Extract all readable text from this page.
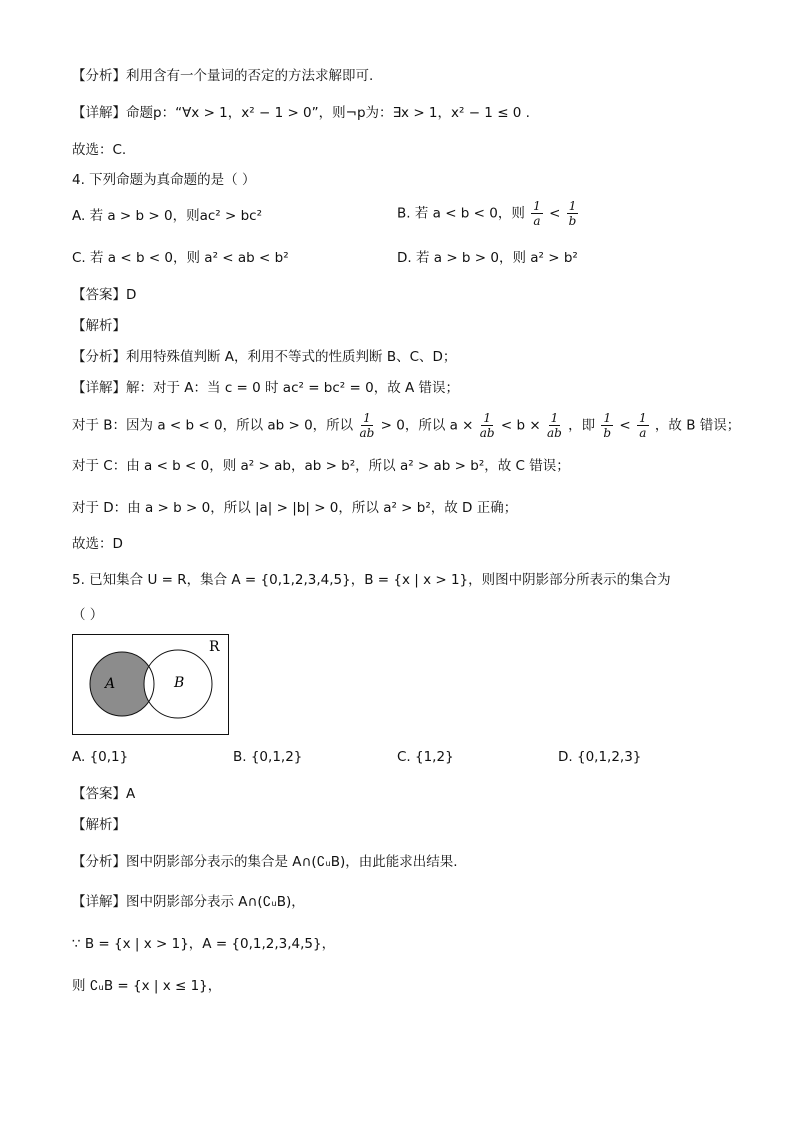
【分析】利用含有一个量词的否定的方法求解即可.
【详解】命题p：“∀x > 1，x² − 1 > 0”，则¬p为：∃x > 1，x² − 1 ≤ 0 .
故选：C.
4. 下列命题为真命题的是（ ）
A. 若 a > b > 0，则ac² > bc²	B. 若 a < b < 0，则 $\frac{1}{a} < \frac{1}{b}$
C. 若 a < b < 0，则 a² < ab < b²	D. 若 a > b > 0，则 a² > b²
【答案】D
【解析】
【分析】利用特殊值判断 A，利用不等式的性质判断 B、C、D；
【详解】解：对于 A：当 c = 0 时 ac² = bc² = 0，故 A 错误；
对于 B：因为 a < b < 0，所以 ab > 0，所以 $\frac{1}{ab} > 0$，所以 $a \times \frac{1}{ab} < b \times \frac{1}{ab}$ ，即 $\frac{1}{b} < \frac{1}{a}$ ，故 B 错误；
对于 C：由 a < b < 0，则 a² > ab，ab > b²，所以 a² > ab > b²，故 C 错误；
对于 D：由 a > b > 0，所以 |a| > |b| > 0，所以 a² > b²，故 D 正确；
故选：D
5. 已知集合 U = R，集合 A = {0,1,2,3,4,5}，B = {x | x > 1}，则图中阴影部分所表示的集合为
（ ）
R
A	B
A. {0,1}	B. {0,1,2}	C. {1,2}	D. {0,1,2,3}
【答案】A
【解析】
【分析】图中阴影部分表示的集合是 A∩(∁ᵤB)，由此能求出结果.
【详解】图中阴影部分表示 A∩(∁ᵤB)，
∵ B = {x | x > 1}，A = {0,1,2,3,4,5}，
则 ∁ᵤB = {x | x ≤ 1}，
